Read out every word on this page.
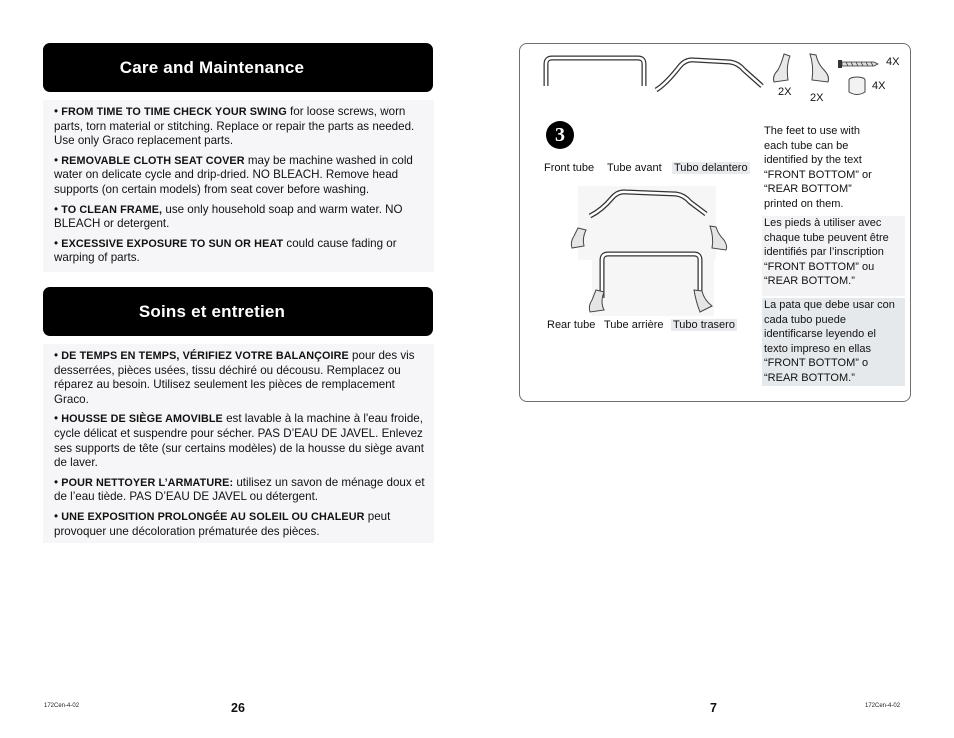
Care and Maintenance
• FROM TIME TO TIME CHECK YOUR SWING for loose screws, worn parts, torn material or stitching. Replace or repair the parts as needed. Use only Graco replacement parts.
• REMOVABLE CLOTH SEAT COVER may be machine washed in cold water on delicate cycle and drip-dried. NO BLEACH. Remove head supports (on certain models) from seat cover before washing.
• TO CLEAN FRAME, use only household soap and warm water. NO BLEACH or detergent.
• EXCESSIVE EXPOSURE TO SUN OR HEAT could cause fading or warping of parts.
Soins et entretien
• DE TEMPS EN TEMPS, VÉRIFIEZ VOTRE BALANÇOIRE pour des vis desserrées, pièces usées, tissu déchiré ou décousu. Remplacez ou réparez au besoin. Utilisez seulement les pièces de remplacement Graco.
• HOUSSE DE SIÈGE AMOVIBLE est lavable à la machine à l'eau froide, cycle délicat et suspendre pour sécher. PAS D’EAU DE JAVEL. Enlevez ses supports de tête (sur certains modèles) de la housse du siège avant de laver.
• POUR NETTOYER L’ARMATURE: utilisez un savon de ménage doux et de l’eau tiède. PAS D’EAU DE JAVEL ou détergent.
• UNE EXPOSITION PROLONGÉE AU SOLEIL OU CHALEUR peut provoquer une décoloration prématurée des pièces.
172Cen-4-02	26
4X
4X
2X 2X
3
Front tube Tube avant Tubo delantero
Rear tube Tube arrière Tubo trasero
The feet to use with each tube can be identified by the text “FRONT BOTTOM” or “REAR BOTTOM” printed on them.
Les pieds à utiliser avec chaque tube peuvent être identifiés par l’inscription “FRONT BOTTOM” ou “REAR BOTTOM.”
La pata que debe usar con cada tubo puede identificarse leyendo el texto impreso en ellas “FRONT BOTTOM” o “REAR BOTTOM.”
7	172Cen-4-02
